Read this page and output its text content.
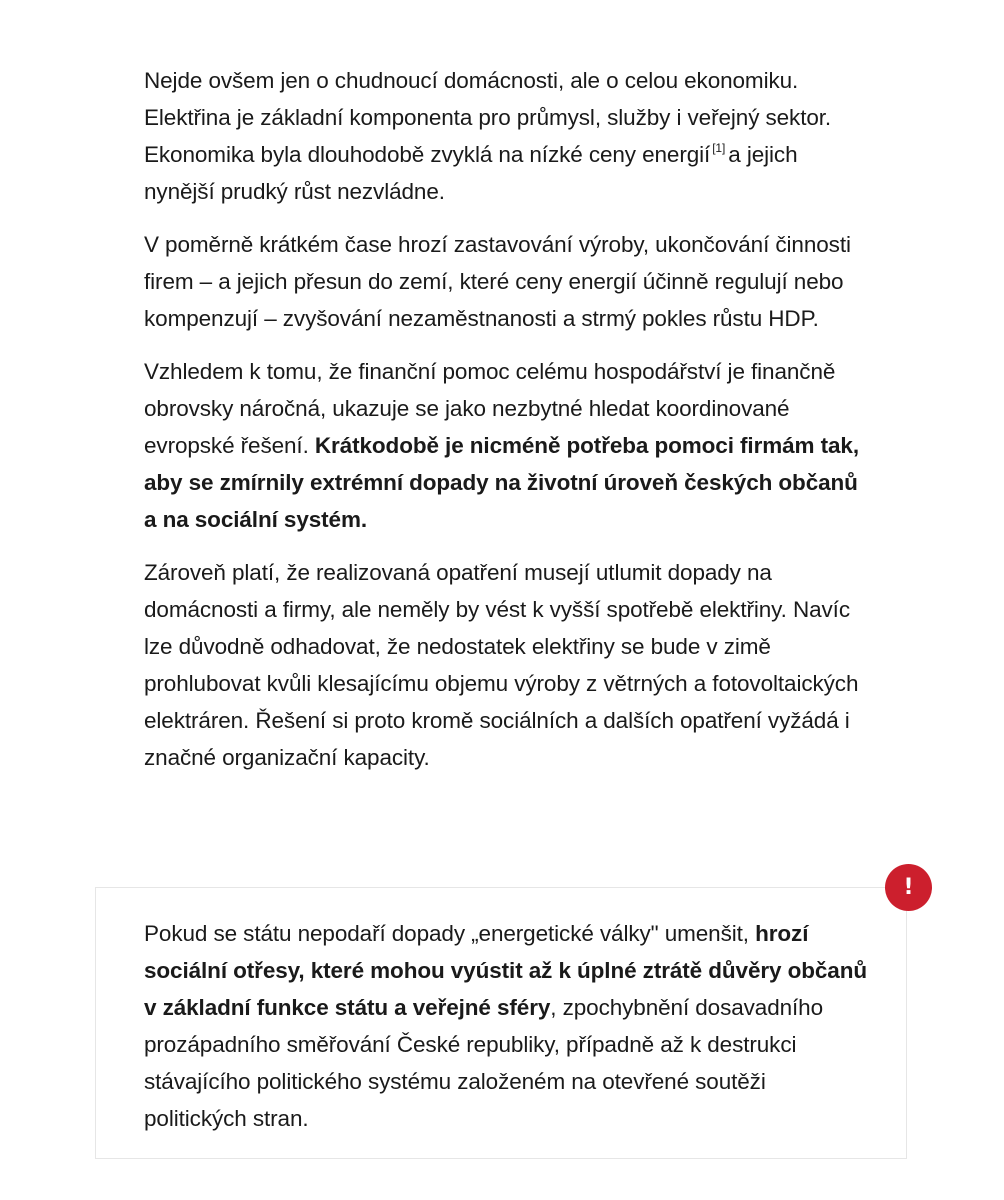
Nejde ovšem jen o chudnoucí domácnosti, ale o celou ekonomiku. Elektřina je základní komponenta pro průmysl, služby i veřejný sektor. Ekonomika byla dlouhodobě zvyklá na nízké ceny energií [1] a jejich nynější prudký růst nezvládne.

V poměrně krátkém čase hrozí zastavování výroby, ukončování činnosti firem – a jejich přesun do zemí, které ceny energií účinně regulují nebo kompenzují – zvyšování nezaměstnanosti a strmý pokles růstu HDP.

Vzhledem k tomu, že finanční pomoc celému hospodářství je finančně obrovsky náročná, ukazuje se jako nezbytné hledat koordinované evropské řešení. Krátkodobě je nicméně potřeba pomoci firmám tak, aby se zmírnily extrémní dopady na životní úroveň českých občanů a na sociální systém.

Zároveň platí, že realizovaná opatření musejí utlumit dopady na domácnosti a firmy, ale neměly by vést k vyšší spotřebě elektřiny. Navíc lze důvodně odhadovat, že nedostatek elektřiny se bude v zimě prohlubovat kvůli klesajícímu objemu výroby z větrných a fotovoltaických elektráren. Řešení si proto kromě sociálních a dalších opatření vyžádá i značné organizační kapacity.

Pokud se státu nepodaří dopady „energetické války" umenšit, hrozí sociální otřesy, které mohou vyústit až k úplné ztrátě důvěry občanů v základní funkce státu a veřejné sféry, zpochybnění dosavadního prozápadního směřování České republiky, případně až k destrukci stávajícího politického systému založeném na otevřené soutěži politických stran.

!
